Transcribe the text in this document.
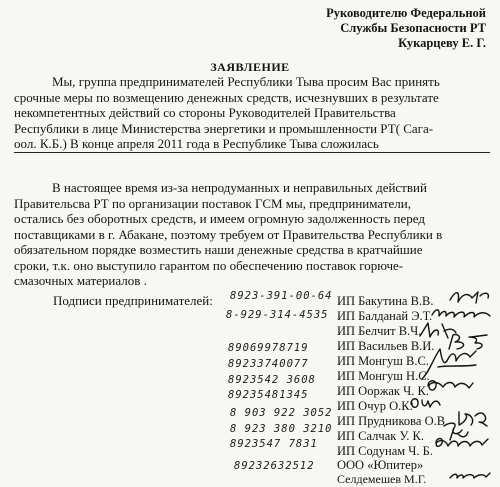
Руководителю Федеральной
Службы Безопасности РТ
Кукарцеву Е. Г.
ЗАЯВЛЕНИЕ
Мы, группа предпринимателей Республики Тыва просим Вас принять
срочные меры по возмещению денежных средств, исчезнувших в результате
некомпетентных действий со стороны Руководителей Правительства
Республики в лице Министерства энергетики и промышленности РТ( Сага-
оол. К.Б.) В конце апреля 2011 года в Республике Тыва сложилась
В настоящее время из-за непродуманных и неправильных действий
Правительсва РТ по организации поставок ГСМ мы, предприниматели,
остались без оборотных средств, и имеем огромную задолженность перед
поставщиками в г. Абакане, поэтому требуем от Правительства Республики в
обязательном порядке возместить наши денежные средства в кратчайшие
сроки, т.к. оно выступило гарантом по обеспечению поставок горюче-
смазочных материалов .
Подписи предпринимателей: 8923-391-00-64
8-929-314-4535
89069978719
89233740077
8923542 3608
89235481345
8 903 922 3052
8 923 380 3210
8923547 7831
89232632512
ИП Бакутина В.В.
ИП Балданай Э.Т.
ИП Белчит В.Ч.
ИП Васильев В.И.
ИП Монгуш В.С.
ИП Монгуш Н.С.
ИП Ооржак Ч. К.
ИП Очур О.К.
ИП Прудникова О.В.
ИП Салчак У. К.
ИП Содунам Ч. Б.
ООО «Юпитер»
Селдемешев М.Г.
